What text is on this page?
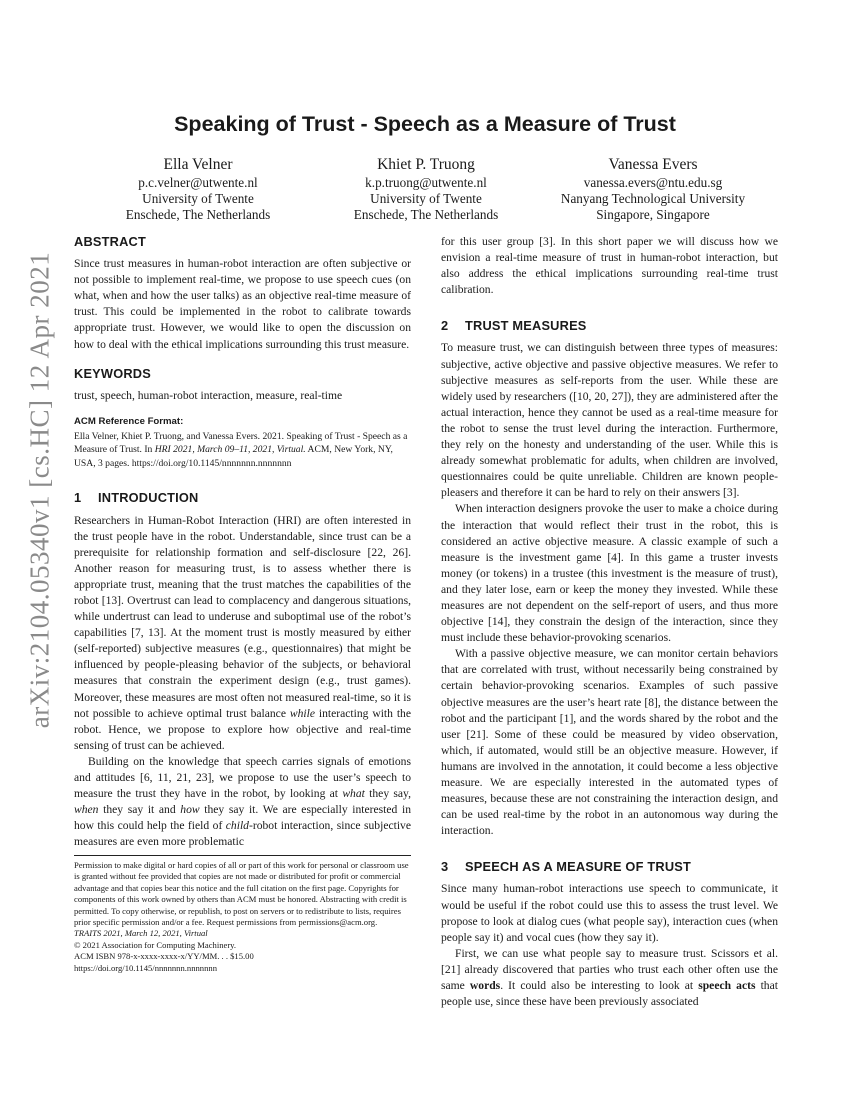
arXiv:2104.05340v1 [cs.HC] 12 Apr 2021
Speaking of Trust - Speech as a Measure of Trust
Ella Velner
p.c.velner@utwente.nl
University of Twente
Enschede, The Netherlands
Khiet P. Truong
k.p.truong@utwente.nl
University of Twente
Enschede, The Netherlands
Vanessa Evers
vanessa.evers@ntu.edu.sg
Nanyang Technological University
Singapore, Singapore
ABSTRACT

Since trust measures in human-robot interaction are often subjective or not possible to implement real-time, we propose to use speech cues (on what, when and how the user talks) as an objective real-time measure of trust. This could be implemented in the robot to calibrate towards appropriate trust. However, we would like to open the discussion on how to deal with the ethical implications surrounding this trust measure.

KEYWORDS

trust, speech, human-robot interaction, measure, real-time

ACM Reference Format:
Ella Velner, Khiet P. Truong, and Vanessa Evers. 2021. Speaking of Trust - Speech as a Measure of Trust. In HRI 2021, March 09–11, 2021, Virtual. ACM, New York, NY, USA, 3 pages. https://doi.org/10.1145/nnnnnnn.nnnnnnn
1 INTRODUCTION

Researchers in Human-Robot Interaction (HRI) are often interested in the trust people have in the robot. Understandable, since trust can be a prerequisite for relationship formation and self-disclosure [22, 26]. Another reason for measuring trust, is to assess whether there is appropriate trust, meaning that the trust matches the capabilities of the robot [13]. Overtrust can lead to complacency and dangerous situations, while undertrust can lead to underuse and suboptimal use of the robot’s capabilities [7, 13]. At the moment trust is mostly measured by either (self-reported) subjective measures (e.g., questionnaires) that might be influenced by people-pleasing behavior of the subjects, or behavioral measures that constrain the experiment design (e.g., trust games). Moreover, these measures are most often not measured real-time, so it is not possible to achieve optimal trust balance while interacting with the robot. Hence, we propose to explore how objective and real-time sensing of trust can be achieved.

Building on the knowledge that speech carries signals of emotions and attitudes [6, 11, 21, 23], we propose to use the user’s speech to measure the trust they have in the robot, by looking at what they say, when they say it and how they say it. We are especially interested in how this could help the field of child-robot interaction, since subjective measures are even more problematic

Permission to make digital or hard copies of all or part of this work for personal or classroom use is granted without fee provided that copies are not made or distributed for profit or commercial advantage and that copies bear this notice and the full citation on the first page. Copyrights for components of this work owned by others than ACM must be honored. Abstracting with credit is permitted. To copy otherwise, or republish, to post on servers or to redistribute to lists, requires prior specific permission and/or a fee. Request permissions from permissions@acm.org.

TRAITS 2021, March 12, 2021, Virtual

© 2021 Association for Computing Machinery.

ACM ISBN 978-x-xxxx-xxxx-x/YY/MM. . . $15.00

https://doi.org/10.1145/nnnnnnn.nnnnnnn

for this user group [3]. In this short paper we will discuss how we envision a real-time measure of trust in human-robot interaction, but also address the ethical implications surrounding real-time trust calibration.

2 TRUST MEASURES

To measure trust, we can distinguish between three types of measures: subjective, active objective and passive objective measures. We refer to subjective measures as self-reports from the user. While these are widely used by researchers ([10, 20, 27]), they are administered after the actual interaction, hence they cannot be used as a real-time measure for the robot to sense the trust level during the interaction. Furthermore, they rely on the honesty and understanding of the user. While this is already somewhat problematic for adults, when children are involved, questionnaires could be quite unreliable. Children are known people-pleasers and therefore it can be hard to rely on their answers [3].

When interaction designers provoke the user to make a choice during the interaction that would reflect their trust in the robot, this is considered an active objective measure. A classic example of such a measure is the investment game [4]. In this game a truster invests money (or tokens) in a trustee (this investment is the measure of trust), and they later lose, earn or keep the money they invested. While these measures are not dependent on the self-report of users, and thus more objective [14], they constrain the design of the interaction, since they must include these behavior-provoking scenarios.

With a passive objective measure, we can monitor certain behaviors that are correlated with trust, without necessarily being constrained by certain behavior-provoking scenarios. Examples of such passive objective measures are the user’s heart rate [8], the distance between the robot and the participant [1], and the words shared by the robot and the user [21]. Some of these could be measured by video observation, which, if automated, would still be an objective measure. However, if humans are involved in the annotation, it could become a less objective measure. We are especially interested in the automated types of measures, because these are not constraining the interaction design, and can be used real-time by the robot in an autonomous way during the interaction.

3 SPEECH AS A MEASURE OF TRUST

Since many human-robot interactions use speech to communicate, it would be useful if the robot could use this to assess the trust level. We propose to look at dialog cues (what people say), interaction cues (when people say it) and vocal cues (how they say it).

First, we can use what people say to measure trust. Scissors et al. [21] already discovered that parties who trust each other often use the same words. It could also be interesting to look at speech acts that people use, since these have been previously associated
